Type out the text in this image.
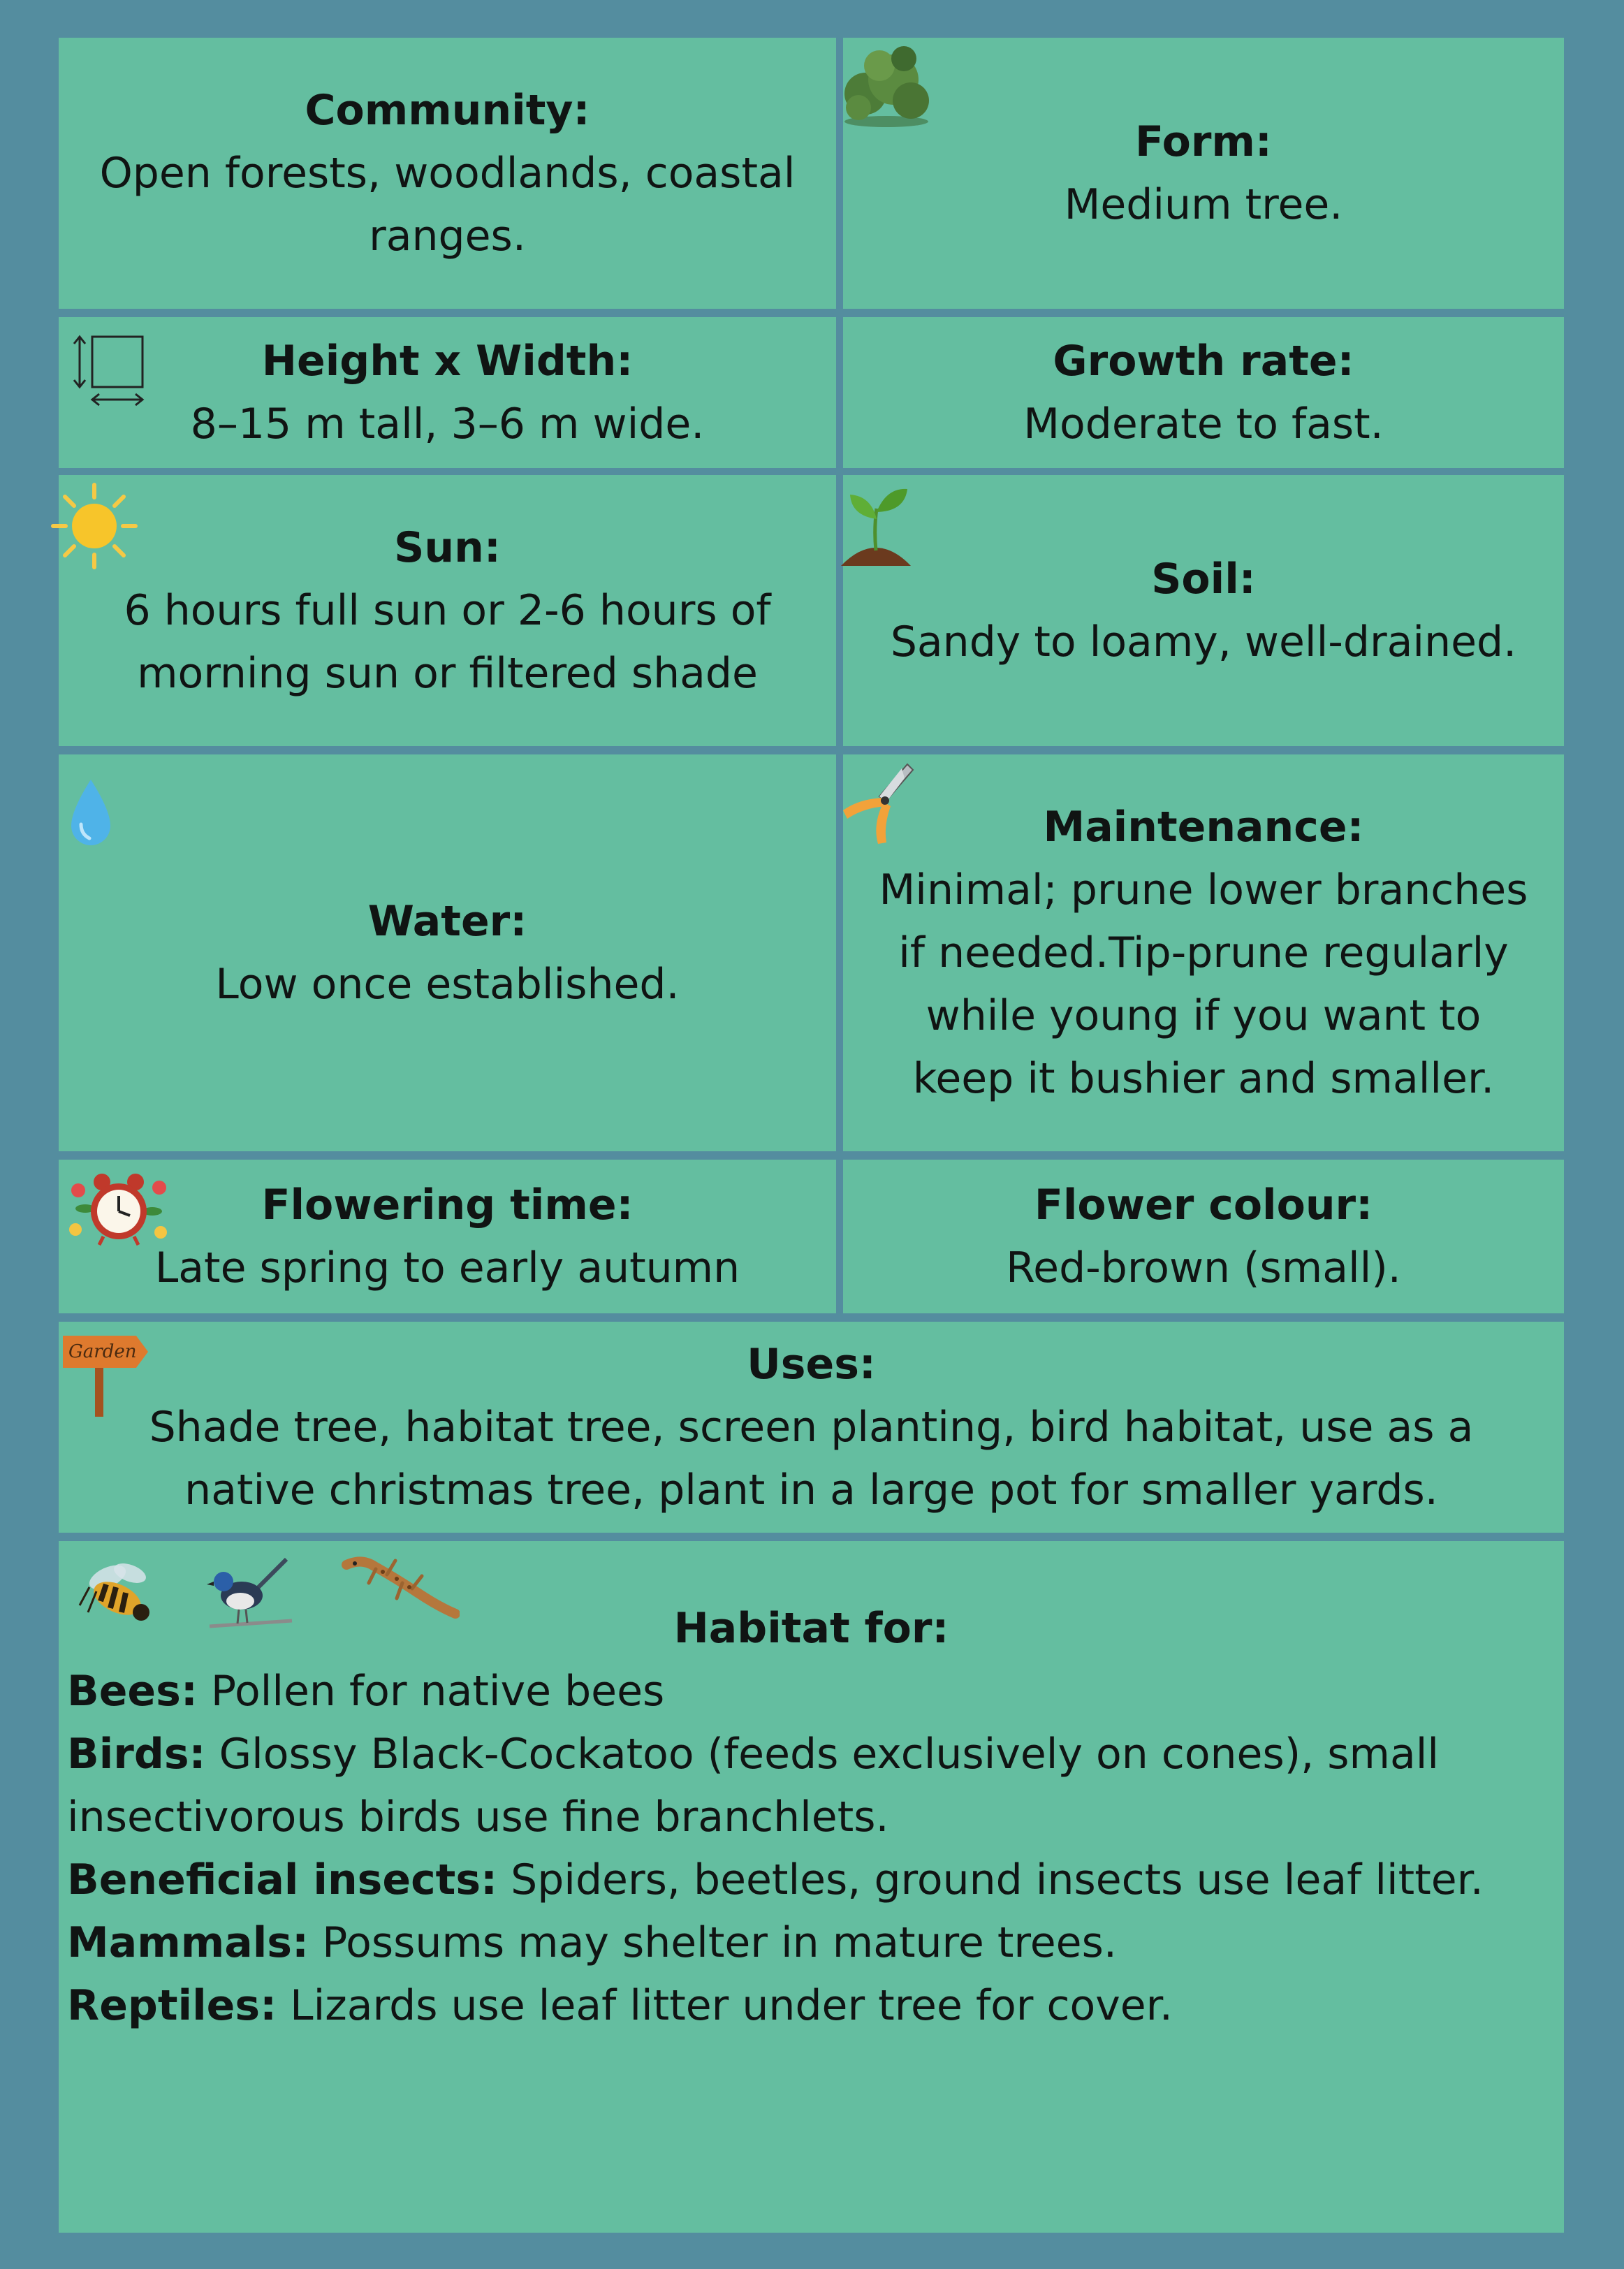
Community:
Open forests, woodlands, coastal
ranges.
Form:
Medium tree.
Height x Width:
8–15 m tall, 3–6 m wide.
Growth rate:
Moderate to fast.
Sun:
6 hours full sun or 2-6 hours of
morning sun or filtered shade
Soil:
Sandy to loamy, well-drained.
Water:
Low once established.
Maintenance:
Minimal; prune lower branches
if needed.Tip-prune regularly
while young if you want to
keep it bushier and smaller.
Flowering time:
Late spring to early autumn
Flower colour:
Red-brown (small).
Garden	Uses:
Shade tree, habitat tree, screen planting, bird habitat, use as a
native christmas tree, plant in a large pot for smaller yards.
Habitat for:
Bees: Pollen for native bees
Birds: Glossy Black-Cockatoo (feeds exclusively on cones), small
insectivorous birds use fine branchlets.
Beneficial insects: Spiders, beetles, ground insects use leaf litter.
Mammals: Possums may shelter in mature trees.
Reptiles: Lizards use leaf litter under tree for cover.
